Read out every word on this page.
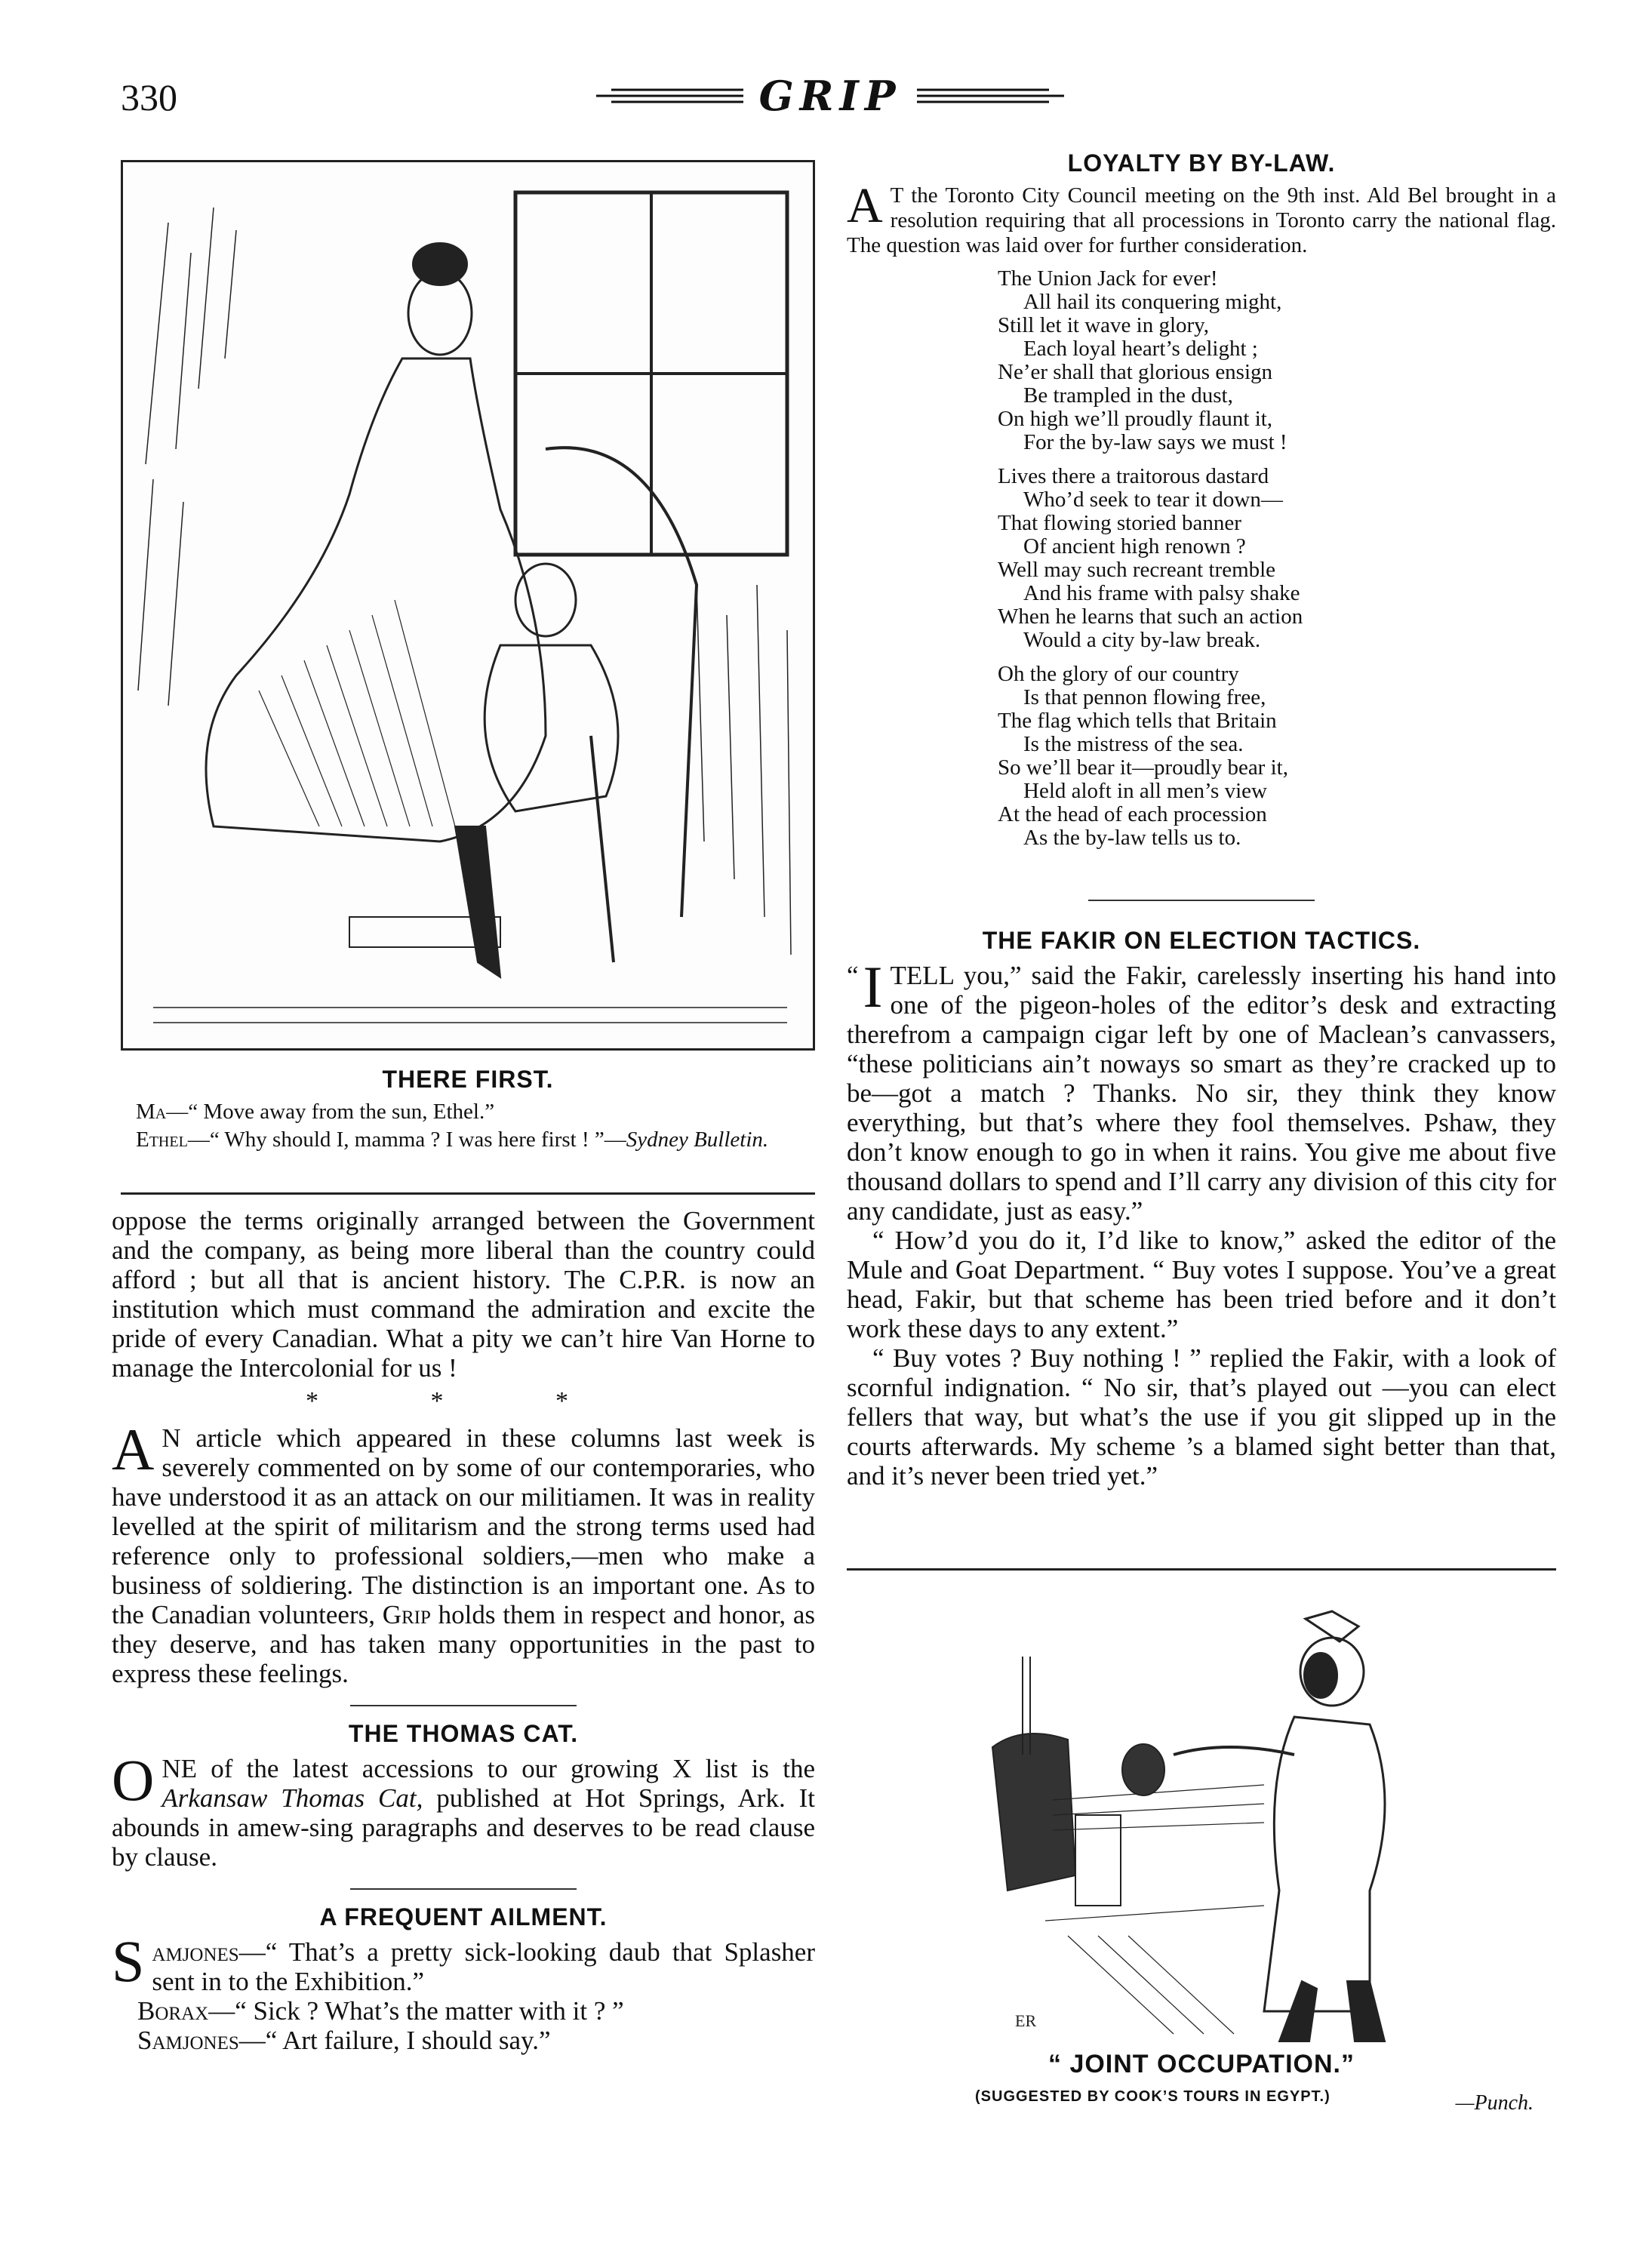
330	GRIP
THERE FIRST.

Ma—“ Move away from the sun, Ethel.”

Ethel—“ Why should I, mamma ? I was here first ! ”—Sydney Bulletin.

oppose the terms originally arranged between the Government and the company, as being more liberal than the country could afford ; but all that is ancient history. The C.P.R. is now an institution which must command the admiration and excite the pride of every Canadian. What a pity we can’t hire Van Horne to manage the Intercolonial for us !

* * *

A N article which appeared in these columns last week is severely commented on by some of our contemporaries, who have understood it as an attack on our militiamen. It was in reality levelled at the spirit of militarism and the strong terms used had reference only to professional soldiers,—men who make a business of soldiering. The distinction is an important one. As to the Canadian volunteers, Grip holds them in respect and honor, as they deserve, and has taken many opportunities in the past to express these feelings.

THE THOMAS CAT.

ONE of the latest accessions to our growing X list is the Arkansaw Thomas Cat, published at Hot Springs, Ark. It abounds in amew-sing paragraphs and deserves to be read clause by clause.

A FREQUENT AILMENT.

Samjones—“ That’s a pretty sick-looking daub that Splasher sent in to the Exhibition.”

Borax—“ Sick ? What’s the matter with it ? ”

Samjones—“ Art failure, I should say.”

LOYALTY BY BY-LAW.

A T the Toronto City Council meeting on the 9th inst. Ald Bel brought in a resolution requiring that all processions in Toronto carry the national flag. The question was laid over for further consideration.

The Union Jack for ever!
All hail its conquering might,
Still let it wave in glory,
Each loyal heart’s delight ;
Ne’er shall that glorious ensign
Be trampled in the dust,
On high we’ll proudly flaunt it,
For the by-law says we must !
Lives there a traitorous dastard
Who’d seek to tear it down—
That flowing storied banner
Of ancient high renown ?
Well may such recreant tremble
And his frame with palsy shake
When he learns that such an action
Would a city by-law break.
Oh the glory of our country
Is that pennon flowing free,
The flag which tells that Britain
Is the mistress of the sea.
So we’ll bear it—proudly bear it,
Held aloft in all men’s view
At the head of each procession
As the by-law tells us to.
THE FAKIR ON ELECTION TACTICS.

“ I TELL you,” said the Fakir, carelessly inserting his hand into one of the pigeon-holes of the editor’s desk and extracting therefrom a campaign cigar left by one of Maclean’s canvassers, “these politicians ain’t noways so smart as they’re cracked up to be—got a match ? Thanks. No sir, they think they know everything, but that’s where they fool themselves. Pshaw, they don’t know enough to go in when it rains. You give me about five thousand dollars to spend and I’ll carry any division of this city for any candidate, just as easy.”

“ How’d you do it, I’d like to know,” asked the editor of the Mule and Goat Department. “ Buy votes I suppose. You’ve a great head, Fakir, but that scheme has been tried before and it don’t work these days to any extent.”

“ Buy votes ? Buy nothing ! ” replied the Fakir, with a look of scornful indignation. “ No sir, that’s played out —you can elect fellers that way, but what’s the use if you git slipped up in the courts afterwards. My scheme ’s a blamed sight better than that, and it’s never been tried yet.”

ER
“ JOINT OCCUPATION.”
(SUGGESTED BY COOK’S TOURS IN EGYPT.)	—Punch.
